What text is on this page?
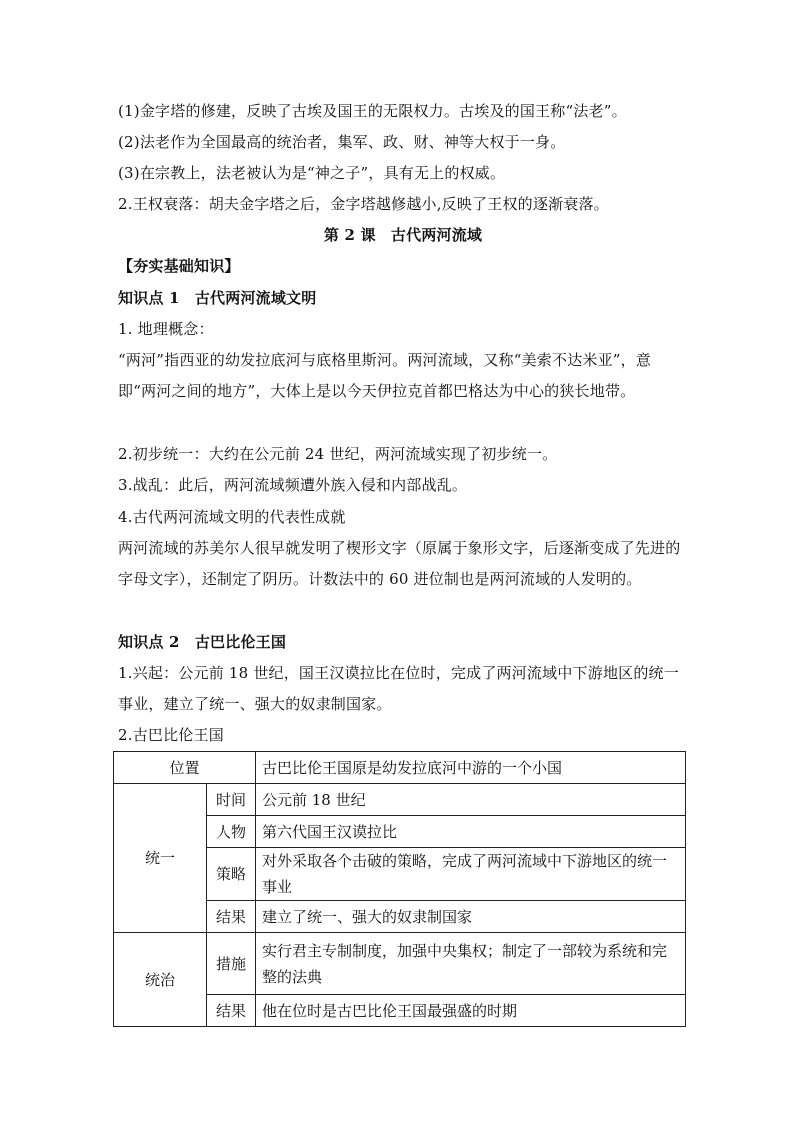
(1)金字塔的修建，反映了古埃及国王的无限权力。古埃及的国王称“法老”。
(2)法老作为全国最高的统治者，集军、政、财、神等大权于一身。
(3)在宗教上，法老被认为是“神之子”，具有无上的权威。
2.王权衰落：胡夫金字塔之后，金字塔越修越小,反映了王权的逐渐衰落。
第 2 课　古代两河流域
【夯实基础知识】
知识点 1　古代两河流域文明
1. 地理概念：
“两河”指西亚的幼发拉底河与底格里斯河。两河流域，又称“美索不达米亚”，意即“两河之间的地方”，大体上是以今天伊拉克首都巴格达为中心的狭长地带。
2.初步统一：大约在公元前 24 世纪，两河流域实现了初步统一。
3.战乱：此后，两河流域频遭外族入侵和内部战乱。
4.古代两河流域文明的代表性成就
两河流域的苏美尔人很早就发明了楔形文字（原属于象形文字，后逐渐变成了先进的字母文字），还制定了阴历。计数法中的 60 进位制也是两河流域的人发明的。
知识点 2　古巴比伦王国
1.兴起：公元前 18 世纪，国王汉谟拉比在位时，完成了两河流域中下游地区的统一事业，建立了统一、强大的奴隶制国家。
2.古巴比伦王国
位置		古巴比伦王国原是幼发拉底河中游的一个小国
统一	时间	公元前 18 世纪
	人物	第六代国王汉谟拉比
	策略	对外采取各个击破的策略，完成了两河流域中下游地区的统一事业
	结果	建立了统一、强大的奴隶制国家
统治	措施	实行君主专制制度，加强中央集权；制定了一部较为系统和完整的法典
	结果	他在位时是古巴比伦王国最强盛的时期
